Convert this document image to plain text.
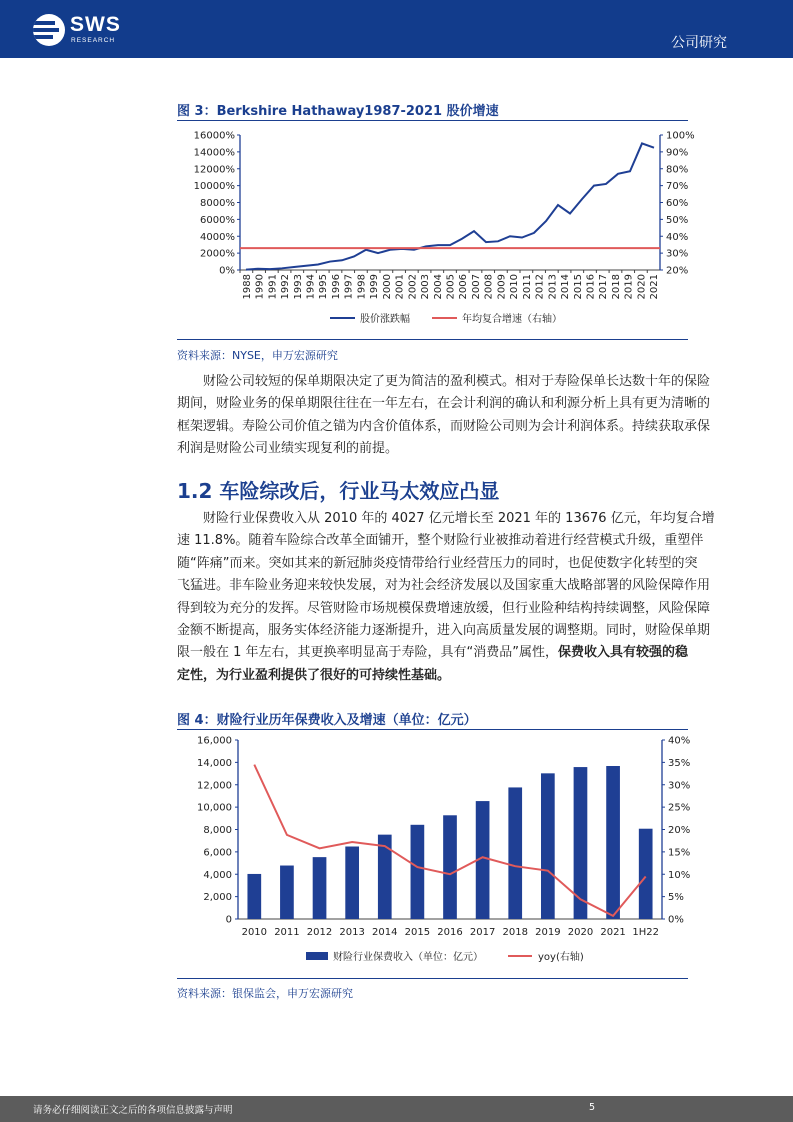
SWS
RESEARCH	公司研究
图 3：Berkshire Hathaway1987-2021 股价增速
0%
2000%
4000%
6000%
8000%
10000%
12000%
14000%
16000%
20%
30%
40%
50%
60%
70%
80%
90%
100%
1988 1990 1991 1992 1993 1994 1995 1996 1997 1998 1999 2000 2001 2002 2003 2004 2005 2006 2007 2008 2009 2010 2011 2012 2013 2014 2015 2016 2017 2018 2019 2020 2021
股价涨跌幅	年均复合增速（右轴）
资料来源：NYSE，申万宏源研究
财险公司较短的保单期限决定了更为简洁的盈利模式。相对于寿险保单长达数十年的保险
期间，财险业务的保单期限往往在一年左右，在会计利润的确认和利源分析上具有更为清晰的
框架逻辑。寿险公司价值之锚为内含价值体系，而财险公司则为会计利润体系。持续获取承保
利润是财险公司业绩实现复利的前提。
1.2 车险综改后，行业马太效应凸显
财险行业保费收入从 2010 年的 4027 亿元增长至 2021 年的 13676 亿元，年均复合增
速 11.8%。随着车险综合改革全面铺开，整个财险行业被推动着进行经营模式升级，重塑伴
随“阵痛”而来。突如其来的新冠肺炎疫情带给行业经营压力的同时，也促使数字化转型的突
飞猛进。非车险业务迎来较快发展，对为社会经济发展以及国家重大战略部署的风险保障作用
得到较为充分的发挥。尽管财险市场规模保费增速放缓，但行业险种结构持续调整，风险保障
金额不断提高，服务实体经济能力逐渐提升，进入向高质量发展的调整期。同时，财险保单期
限一般在 1 年左右，其更换率明显高于寿险，具有“消费品”属性，保费收入具有较强的稳
定性，为行业盈利提供了很好的可持续性基础。
图 4：财险行业历年保费收入及增速（单位：亿元）
0
2,000
4,000
6,000
8,000
10,000
12,000
14,000
16,000
0%
5%
10%
15%
20%
25%
30%
35%
40%
2010 2011 2012 2013 2014 2015 2016 2017 2018 2019 2020 2021 1H22
财险行业保费收入（单位：亿元）	yoy(右轴)
资料来源：银保监会，申万宏源研究
请务必仔细阅读正文之后的各项信息披露与声明	5
